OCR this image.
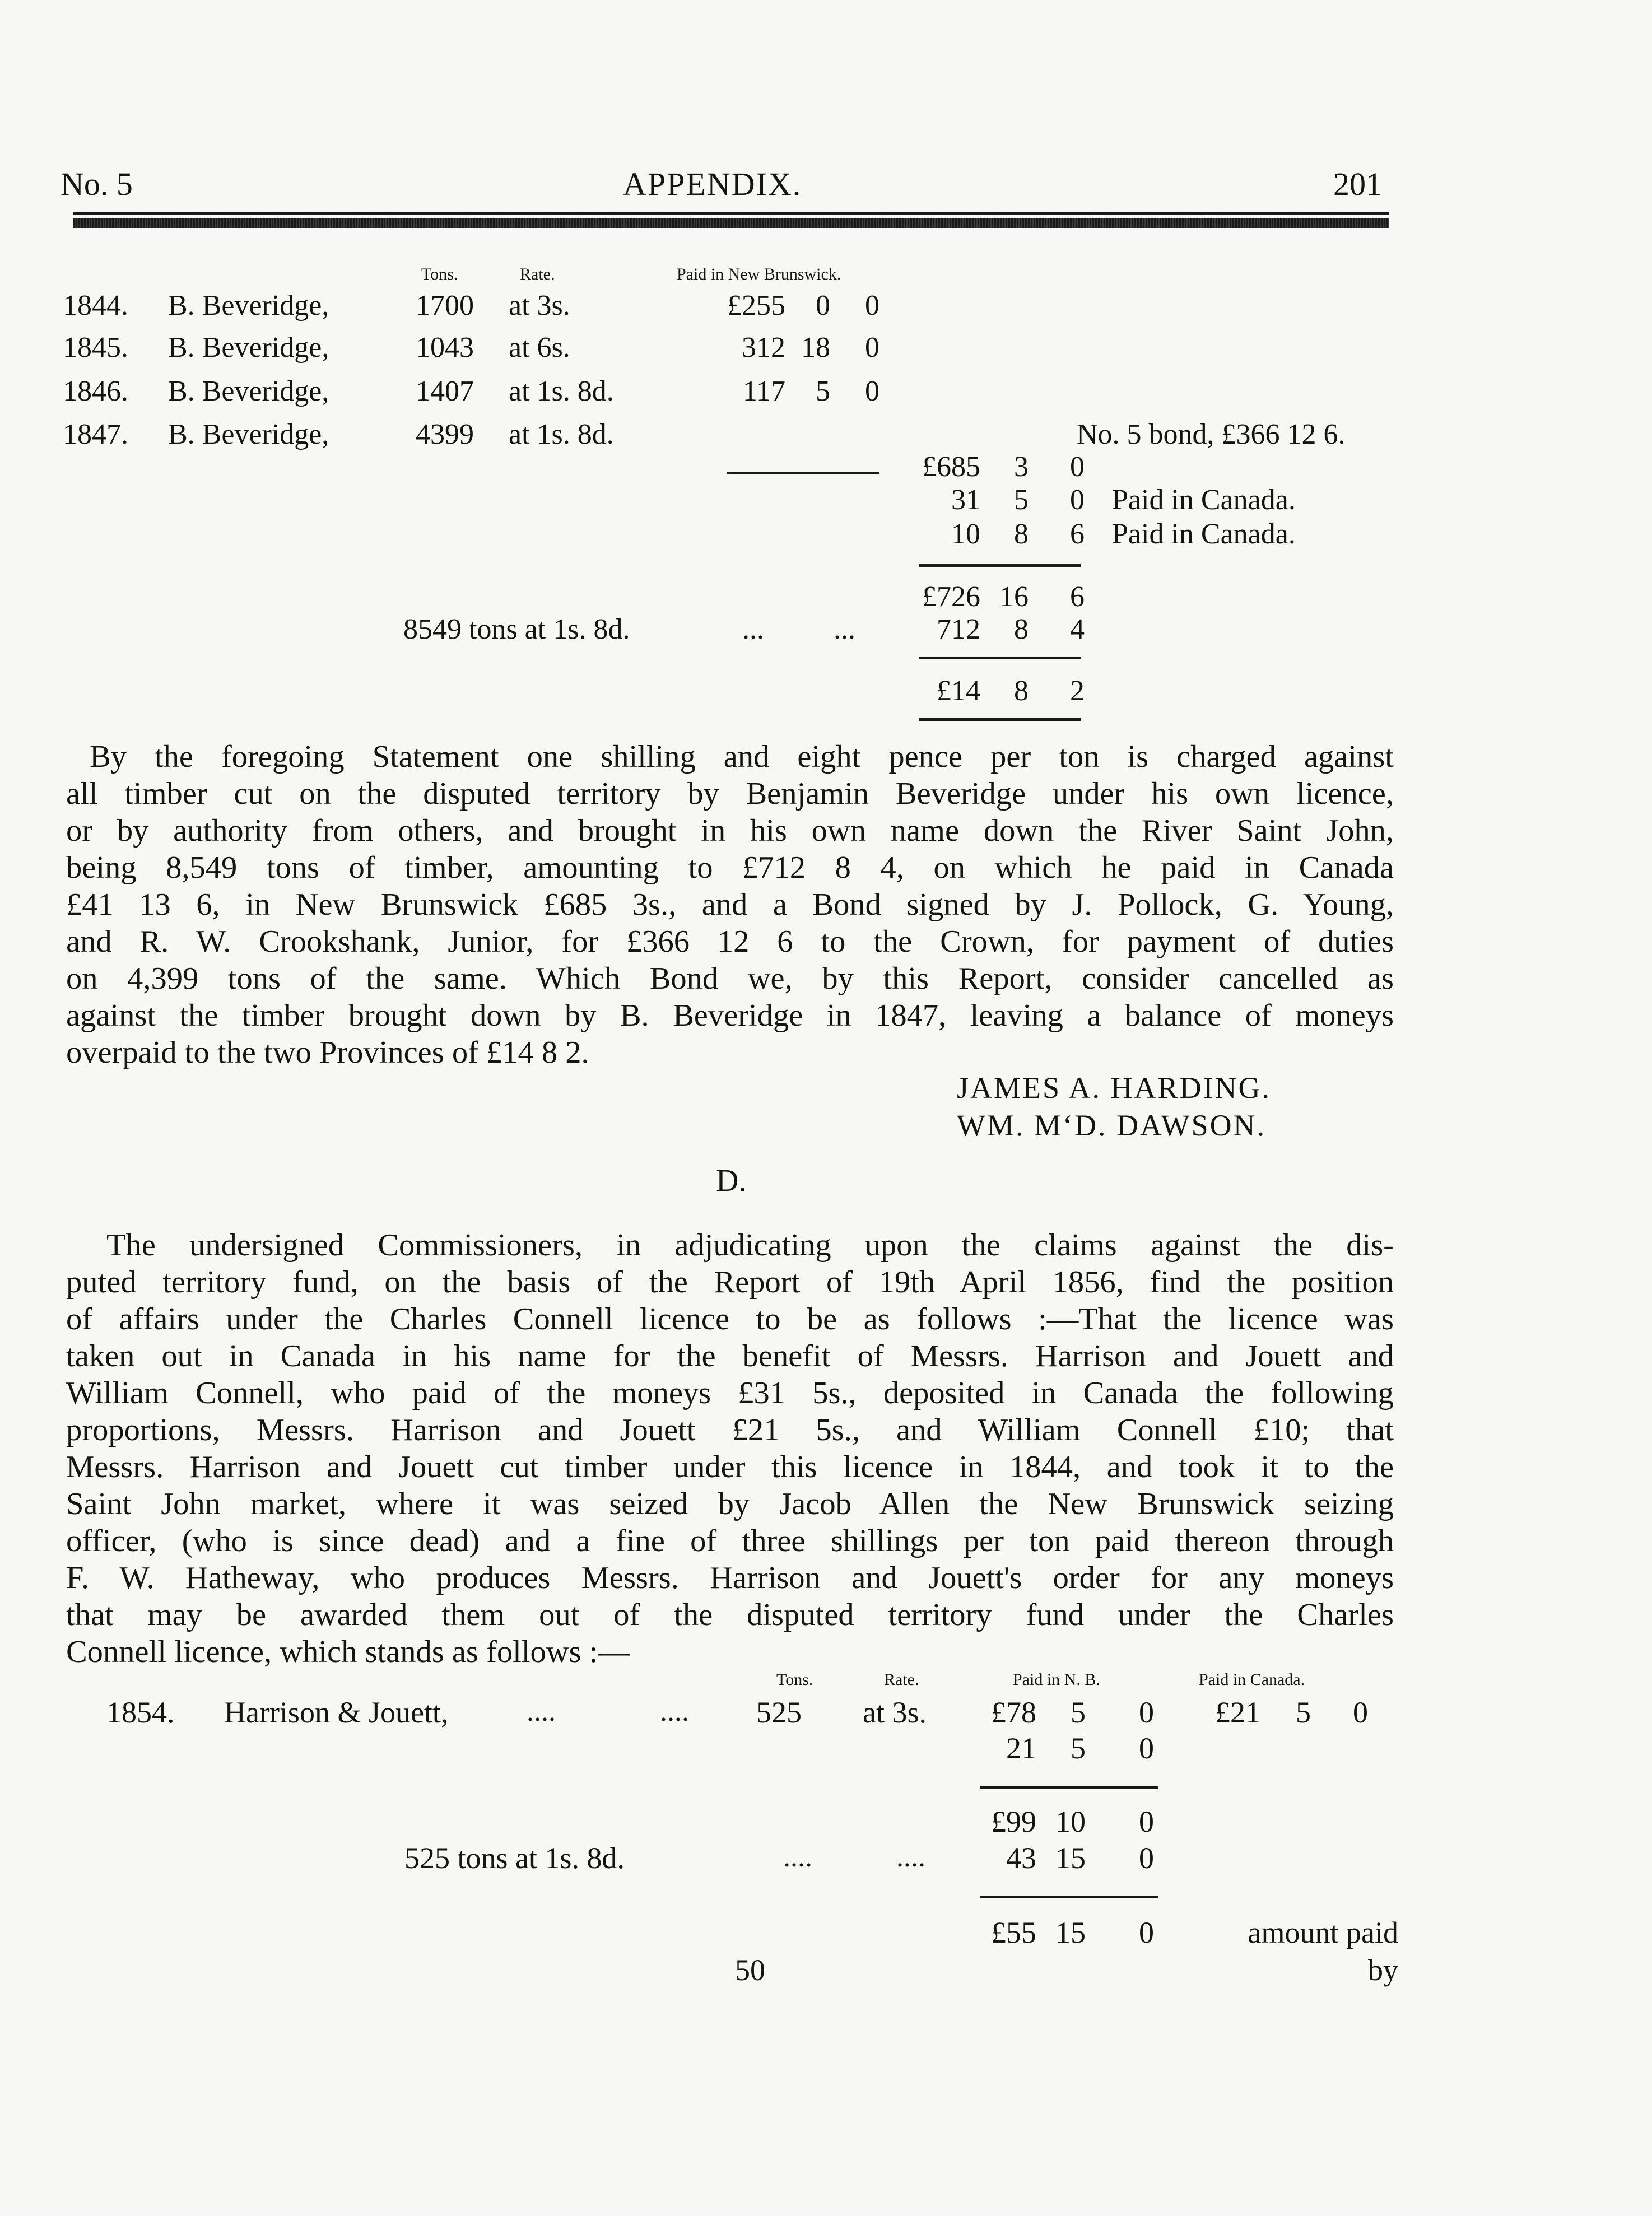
No. 5	APPENDIX.	201
Tons.	Rate.	Paid in New Brunswick.
1844. B. Beveridge,	1700 at 3s.	£255	0	0
1845. B. Beveridge,	1043 at 6s.	312 18	0
1846. B. Beveridge,	1407 at 1s. 8d.	117	5	0
1847. B. Beveridge,	4399 at 1s. 8d.	No. 5 bond, £366 12 6.
£685	3	0
31	5	0 Paid in Canada.
10	8	6 Paid in Canada.
£726 16	6
8549 tons at 1s. 8d.	... ...	712	8	4
£14	8	2
By the foregoing Statement one shilling and eight pence per ton is charged against
all timber cut on the disputed territory by Benjamin Beveridge under his own licence,
or by authority from others, and brought in his own name down the River Saint John,
being 8,549 tons of timber, amounting to £712 8 4, on which he paid in Canada
£41 13 6, in New Brunswick £685 3s., and a Bond signed by J. Pollock, G. Young,
and R. W. Crookshank, Junior, for £366 12 6 to the Crown, for payment of duties
on 4,399 tons of the same. Which Bond we, by this Report, consider cancelled as
against the timber brought down by B. Beveridge in 1847, leaving a balance of moneys
overpaid to the two Provinces of £14 8 2.
JAMES A. HARDING.
WM. M‘D. DAWSON.
D.
The undersigned Commissioners, in adjudicating upon the claims against the dis-
puted territory fund, on the basis of the Report of 19th April 1856, find the position
of affairs under the Charles Connell licence to be as follows :—That the licence was
taken out in Canada in his name for the benefit of Messrs. Harrison and Jouett and
William Connell, who paid of the moneys £31 5s., deposited in Canada the following
proportions, Messrs. Harrison and Jouett £21 5s., and William Connell £10; that
Messrs. Harrison and Jouett cut timber under this licence in 1844, and took it to the
Saint John market, where it was seized by Jacob Allen the New Brunswick seizing
officer, (who is since dead) and a fine of three shillings per ton paid thereon through
F. W. Hatheway, who produces Messrs. Harrison and Jouett's order for any moneys
that may be awarded them out of the disputed territory fund under the Charles
Connell licence, which stands as follows :—
Tons.	Rate.	Paid in N. B.	Paid in Canada.
1854. Harrison & Jouett,	....	.... 525 at 3s.	£78	5	0	£21	5	0
21	5	0
£99 10	0
525 tons at 1s. 8d.	....	....	43 15	0
£55 15	0	amount paid
by
50
